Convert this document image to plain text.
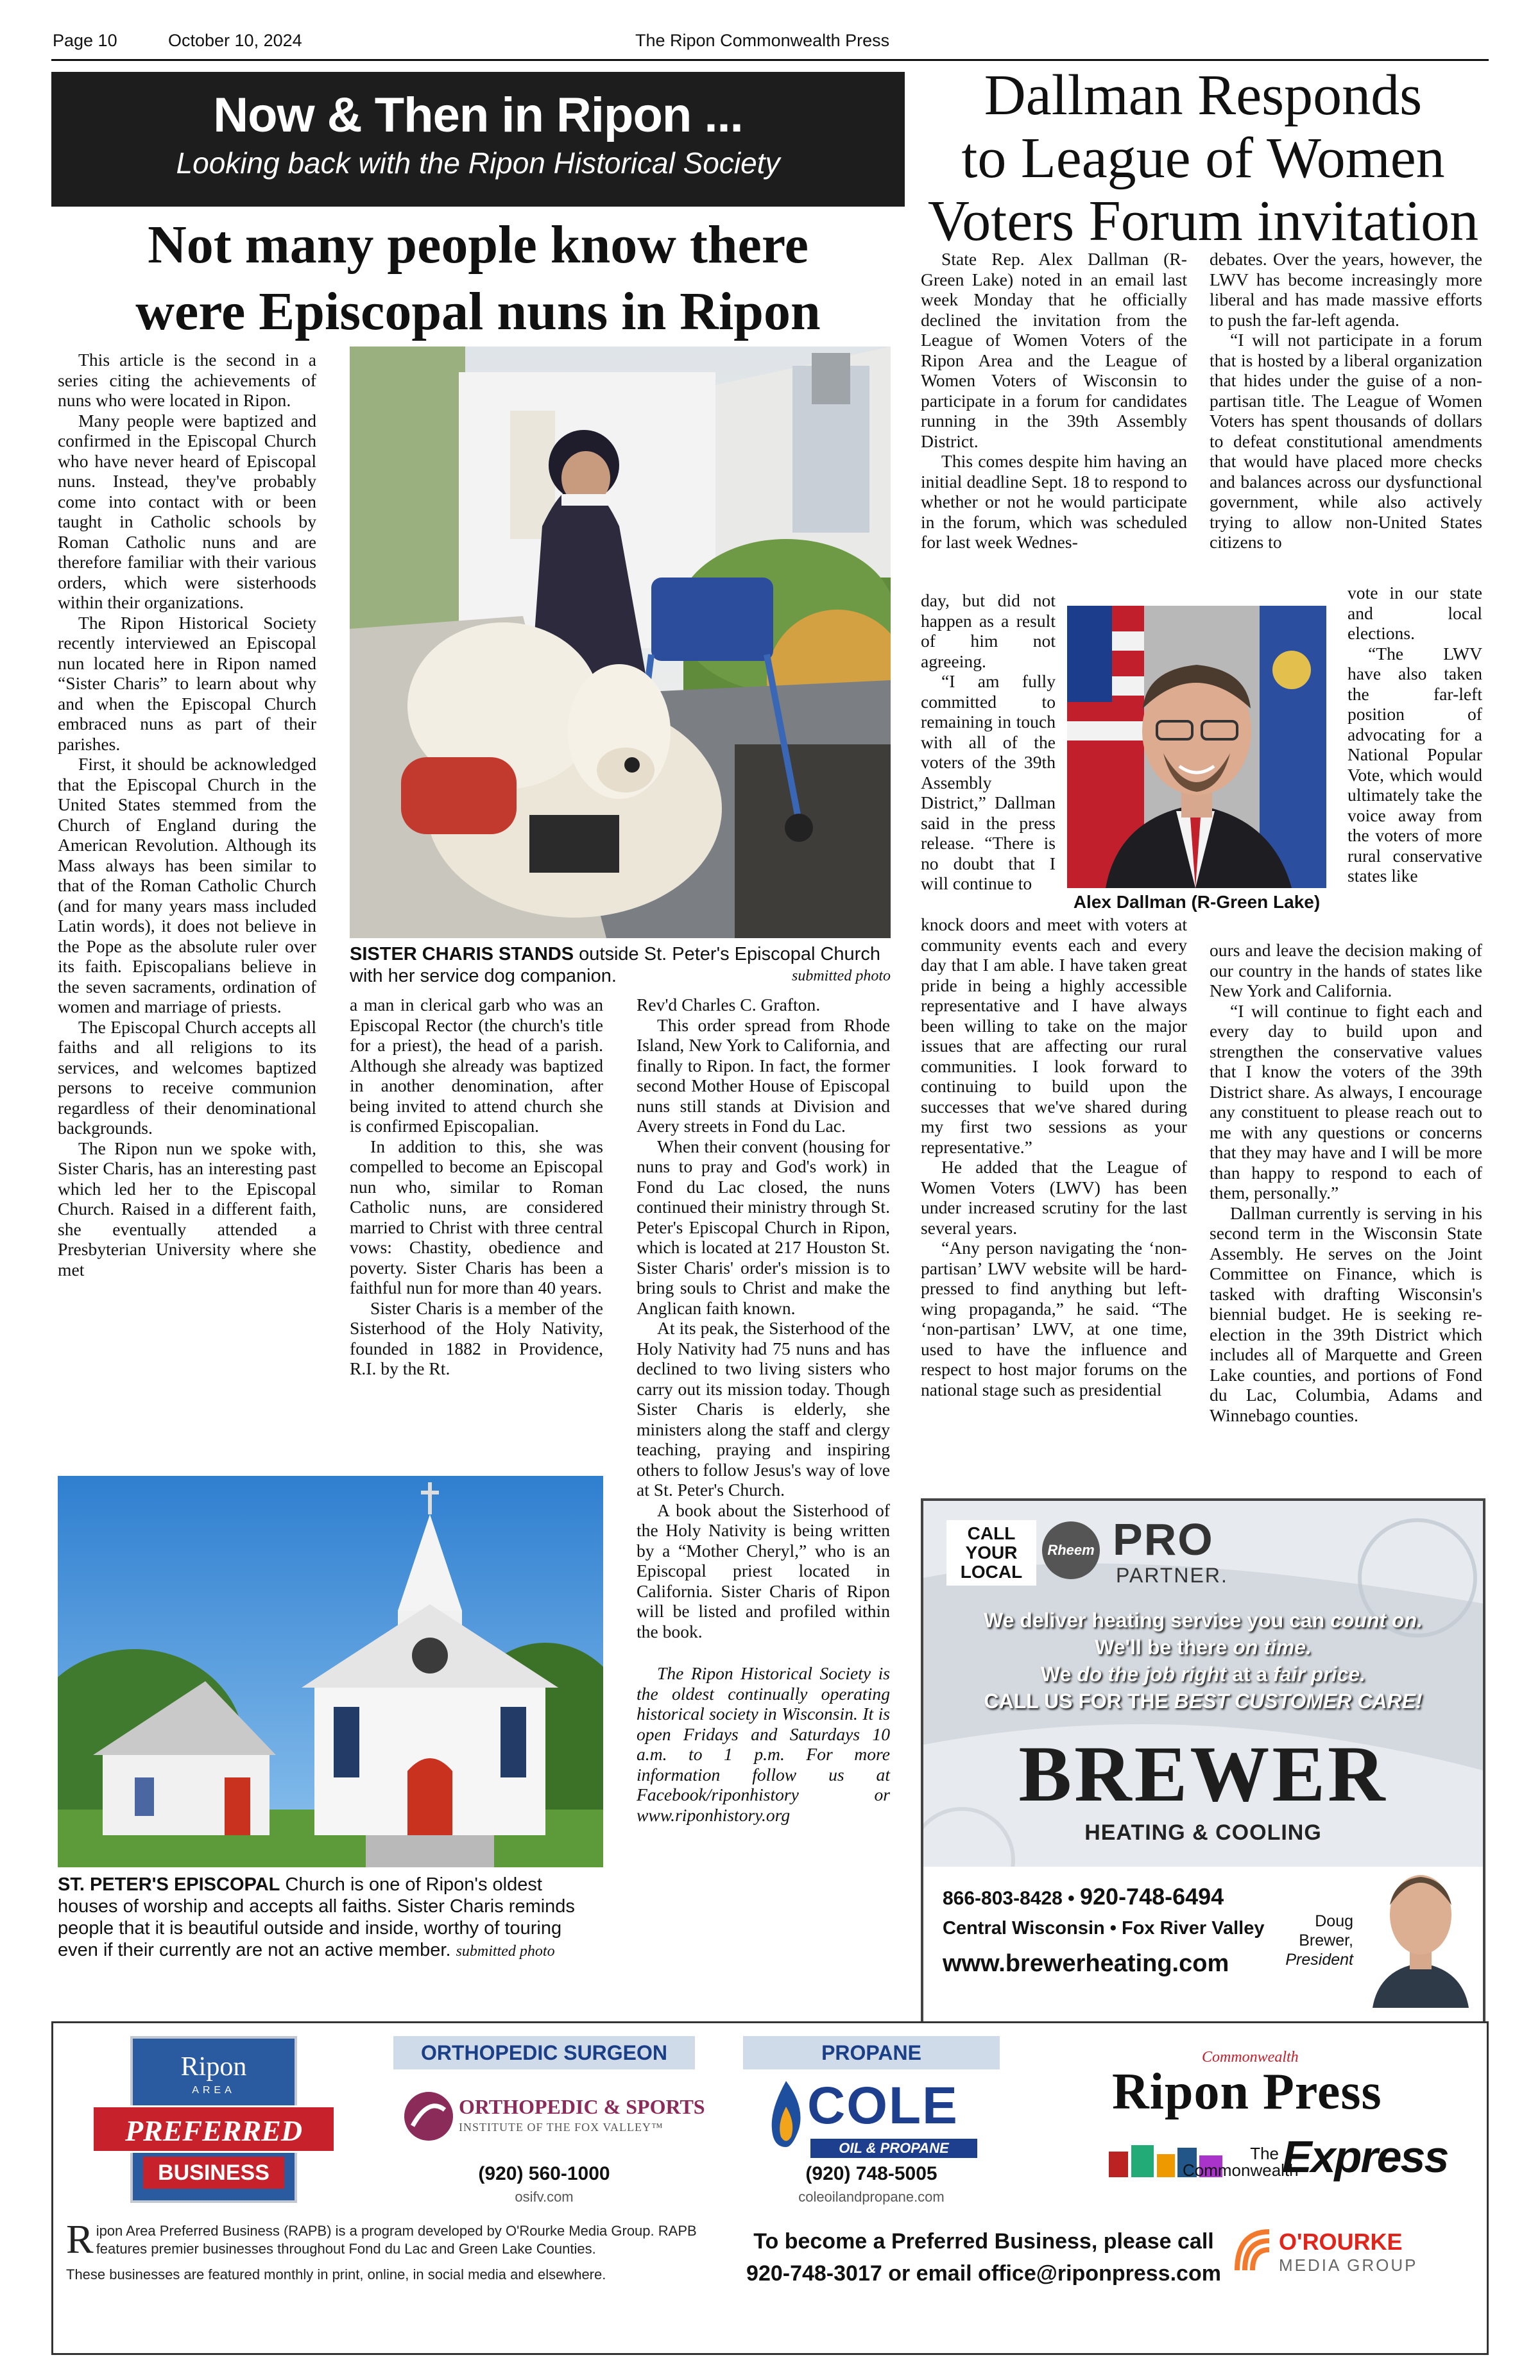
Page 10	October 10, 2024	The Ripon Commonwealth Press
Now & Then in Ripon ...
Looking back with the Ripon Historical Society
Not many people know there
were Episcopal nuns in Ripon

This article is the second in a series citing the achievements of nuns who were located in Ripon.

Many people were baptized and confirmed in the Episcopal Church who have never heard of Episcopal nuns. Instead, they've probably come into contact with or been taught in Catholic schools by Roman Catholic nuns and are therefore familiar with their various orders, which were sisterhoods within their organizations.

The Ripon Historical Society recently interviewed an Episcopal nun located here in Ripon named “Sister Charis” to learn about why and when the Episcopal Church embraced nuns as part of their parishes.

First, it should be acknowledged that the Episcopal Church in the United States stemmed from the Church of England during the American Revolution. Although its Mass always has been similar to that of the Roman Catholic Church (and for many years mass included Latin words), it does not believe in the Pope as the absolute ruler over its faith. Episcopalians believe in the seven sacraments, ordination of women and marriage of priests.

The Episcopal Church accepts all faiths and all religions to its services, and welcomes baptized persons to receive communion regardless of their denominational backgrounds.

The Ripon nun we spoke with, Sister Charis, has an interesting past which led her to the Episcopal Church. Raised in a different faith, she eventually attended a Presbyterian University where she met

SISTER CHARIS STANDS outside St. Peter's Episcopal Church with her service dog companion.	submitted photo

a man in clerical garb who was an Episcopal Rector (the church's title for a priest), the head of a parish. Although she already was baptized in another denomination, after being invited to attend church she is confirmed Episcopalian.

In addition to this, she was compelled to become an Episcopal nun who, similar to Roman Catholic nuns, are considered married to Christ with three central vows: Chastity, obedience and poverty. Sister Charis has been a faithful nun for more than 40 years.

Sister Charis is a member of the Sisterhood of the Holy Nativity, founded in 1882 in Providence, R.I. by the Rt.

Rev'd Charles C. Grafton.

This order spread from Rhode Island, New York to California, and finally to Ripon. In fact, the former second Mother House of Episcopal nuns still stands at Division and Avery streets in Fond du Lac.

When their convent (housing for nuns to pray and God's work) in Fond du Lac closed, the nuns continued their ministry through St. Peter's Episcopal Church in Ripon, which is located at 217 Houston St. Sister Charis' order's mission is to bring souls to Christ and make the Anglican faith known.

At its peak, the Sisterhood of the Holy Nativity had 75 nuns and has declined to two living sisters who carry out its mission today. Though Sister Charis is elderly, she ministers along the staff and clergy teaching, praying and inspiring others to follow Jesus's way of love at St. Peter's Church.

A book about the Sisterhood of the Holy Nativity is being written by a “Mother Cheryl,” who is an Episcopal priest located in California. Sister Charis of Ripon will be listed and profiled within the book.

The Ripon Historical Society is the oldest continually operating historical society in Wisconsin. It is open Fridays and Saturdays 10 a.m. to 1 p.m. For more information follow us at Facebook/riponhistory or www.riponhistory.org

ST. PETER'S EPISCOPAL Church is one of Ripon's oldest houses of worship and accepts all faiths. Sister Charis reminds people that it is beautiful outside and inside, worthy of touring even if their currently are not an active member. submitted photo
Dallman Responds
to League of Women
Voters Forum invitation
Alex Dallman (R-Green Lake)

State Rep. Alex Dallman (R-Green Lake) noted in an email last week Monday that he officially declined the invitation from the League of Women Voters of the Ripon Area and the League of Women Voters of Wisconsin to participate in a forum for candidates running in the 39th Assembly District.

This comes despite him having an initial deadline Sept. 18 to respond to whether or not he would participate in the forum, which was scheduled for last week Wednes-

day, but did not happen as a result of him not agreeing.

“I am fully committed to remaining in touch with all of the voters of the 39th Assembly District,” Dallman said in the press release. “There is no doubt that I will continue to

knock doors and meet with voters at community events each and every day that I am able. I have taken great pride in being a highly accessible representative and I have always been willing to take on the major issues that are affecting our rural communities. I look forward to continuing to build upon the successes that we've shared during my first two sessions as your representative.”

He added that the League of Women Voters (LWV) has been under increased scrutiny for the last several years.

“Any person navigating the ‘non-partisan’ LWV website will be hard-pressed to find anything but left-wing propaganda,” he said. “The ‘non-partisan’ LWV, at one time, used to have the influence and respect to host major forums on the national stage such as presidential

debates. Over the years, however, the LWV has become increasingly more liberal and has made massive efforts to push the far-left agenda.

“I will not participate in a forum that is hosted by a liberal organization that hides under the guise of a non-partisan title. The League of Women Voters has spent thousands of dollars to defeat constitutional amendments that would have placed more checks and balances across our dysfunctional government, while also actively trying to allow non-United States citizens to

vote in our state and local elections.

“The LWV have also taken the far-left position of advocating for a National Popular Vote, which would ultimately take the voice away from the voters of more rural conservative states like

ours and leave the decision making of our country in the hands of states like New York and California.

“I will continue to fight each and every day to build upon and strengthen the conservative values that I know the voters of the 39th District share. As always, I encourage any constituent to please reach out to me with any questions or concerns that they may have and I will be more than happy to respond to each of them, personally.”

Dallman currently is serving in his second term in the Wisconsin State Assembly. He serves on the Joint Committee on Finance, which is tasked with drafting Wisconsin's biennial budget. He is seeking re-election in the 39th District which includes all of Marquette and Green Lake counties, and portions of Fond du Lac, Columbia, Adams and Winnebago counties.

CALL
YOUR
LOCAL
Rheem PRO
PARTNER.
We deliver heating service you can count on.
We'll be there on time.
We do the job right at a fair price.
CALL US FOR THE BEST CUSTOMER CARE!
BREWER
HEATING & COOLING
866-803-8428 • 920-748-6494
Central Wisconsin • Fox River Valley
www.brewerheating.com
Doug Brewer,
President
Ripon
AREA
PREFERRED
BUSINESS
ORTHOPEDIC SURGEON
ORTHOPEDIC & SPORTS
INSTITUTE OF THE FOX VALLEY™
(920) 560-1000
osifv.com
PROPANE
COLE
OIL & PROPANE
(920) 748-5005
coleoilandpropane.com
Commonwealth
Ripon Press
The
Commonwealth
Express
Ripon Area Preferred Business (RAPB) is a program developed by O'Rourke Media Group. RAPB features premier businesses throughout Fond du Lac and Green Lake Counties.
These businesses are featured monthly in print, online, in social media and elsewhere.
To become a Preferred Business, please call
920-748-3017 or email office@riponpress.com
O'ROURKE
MEDIA GROUP
